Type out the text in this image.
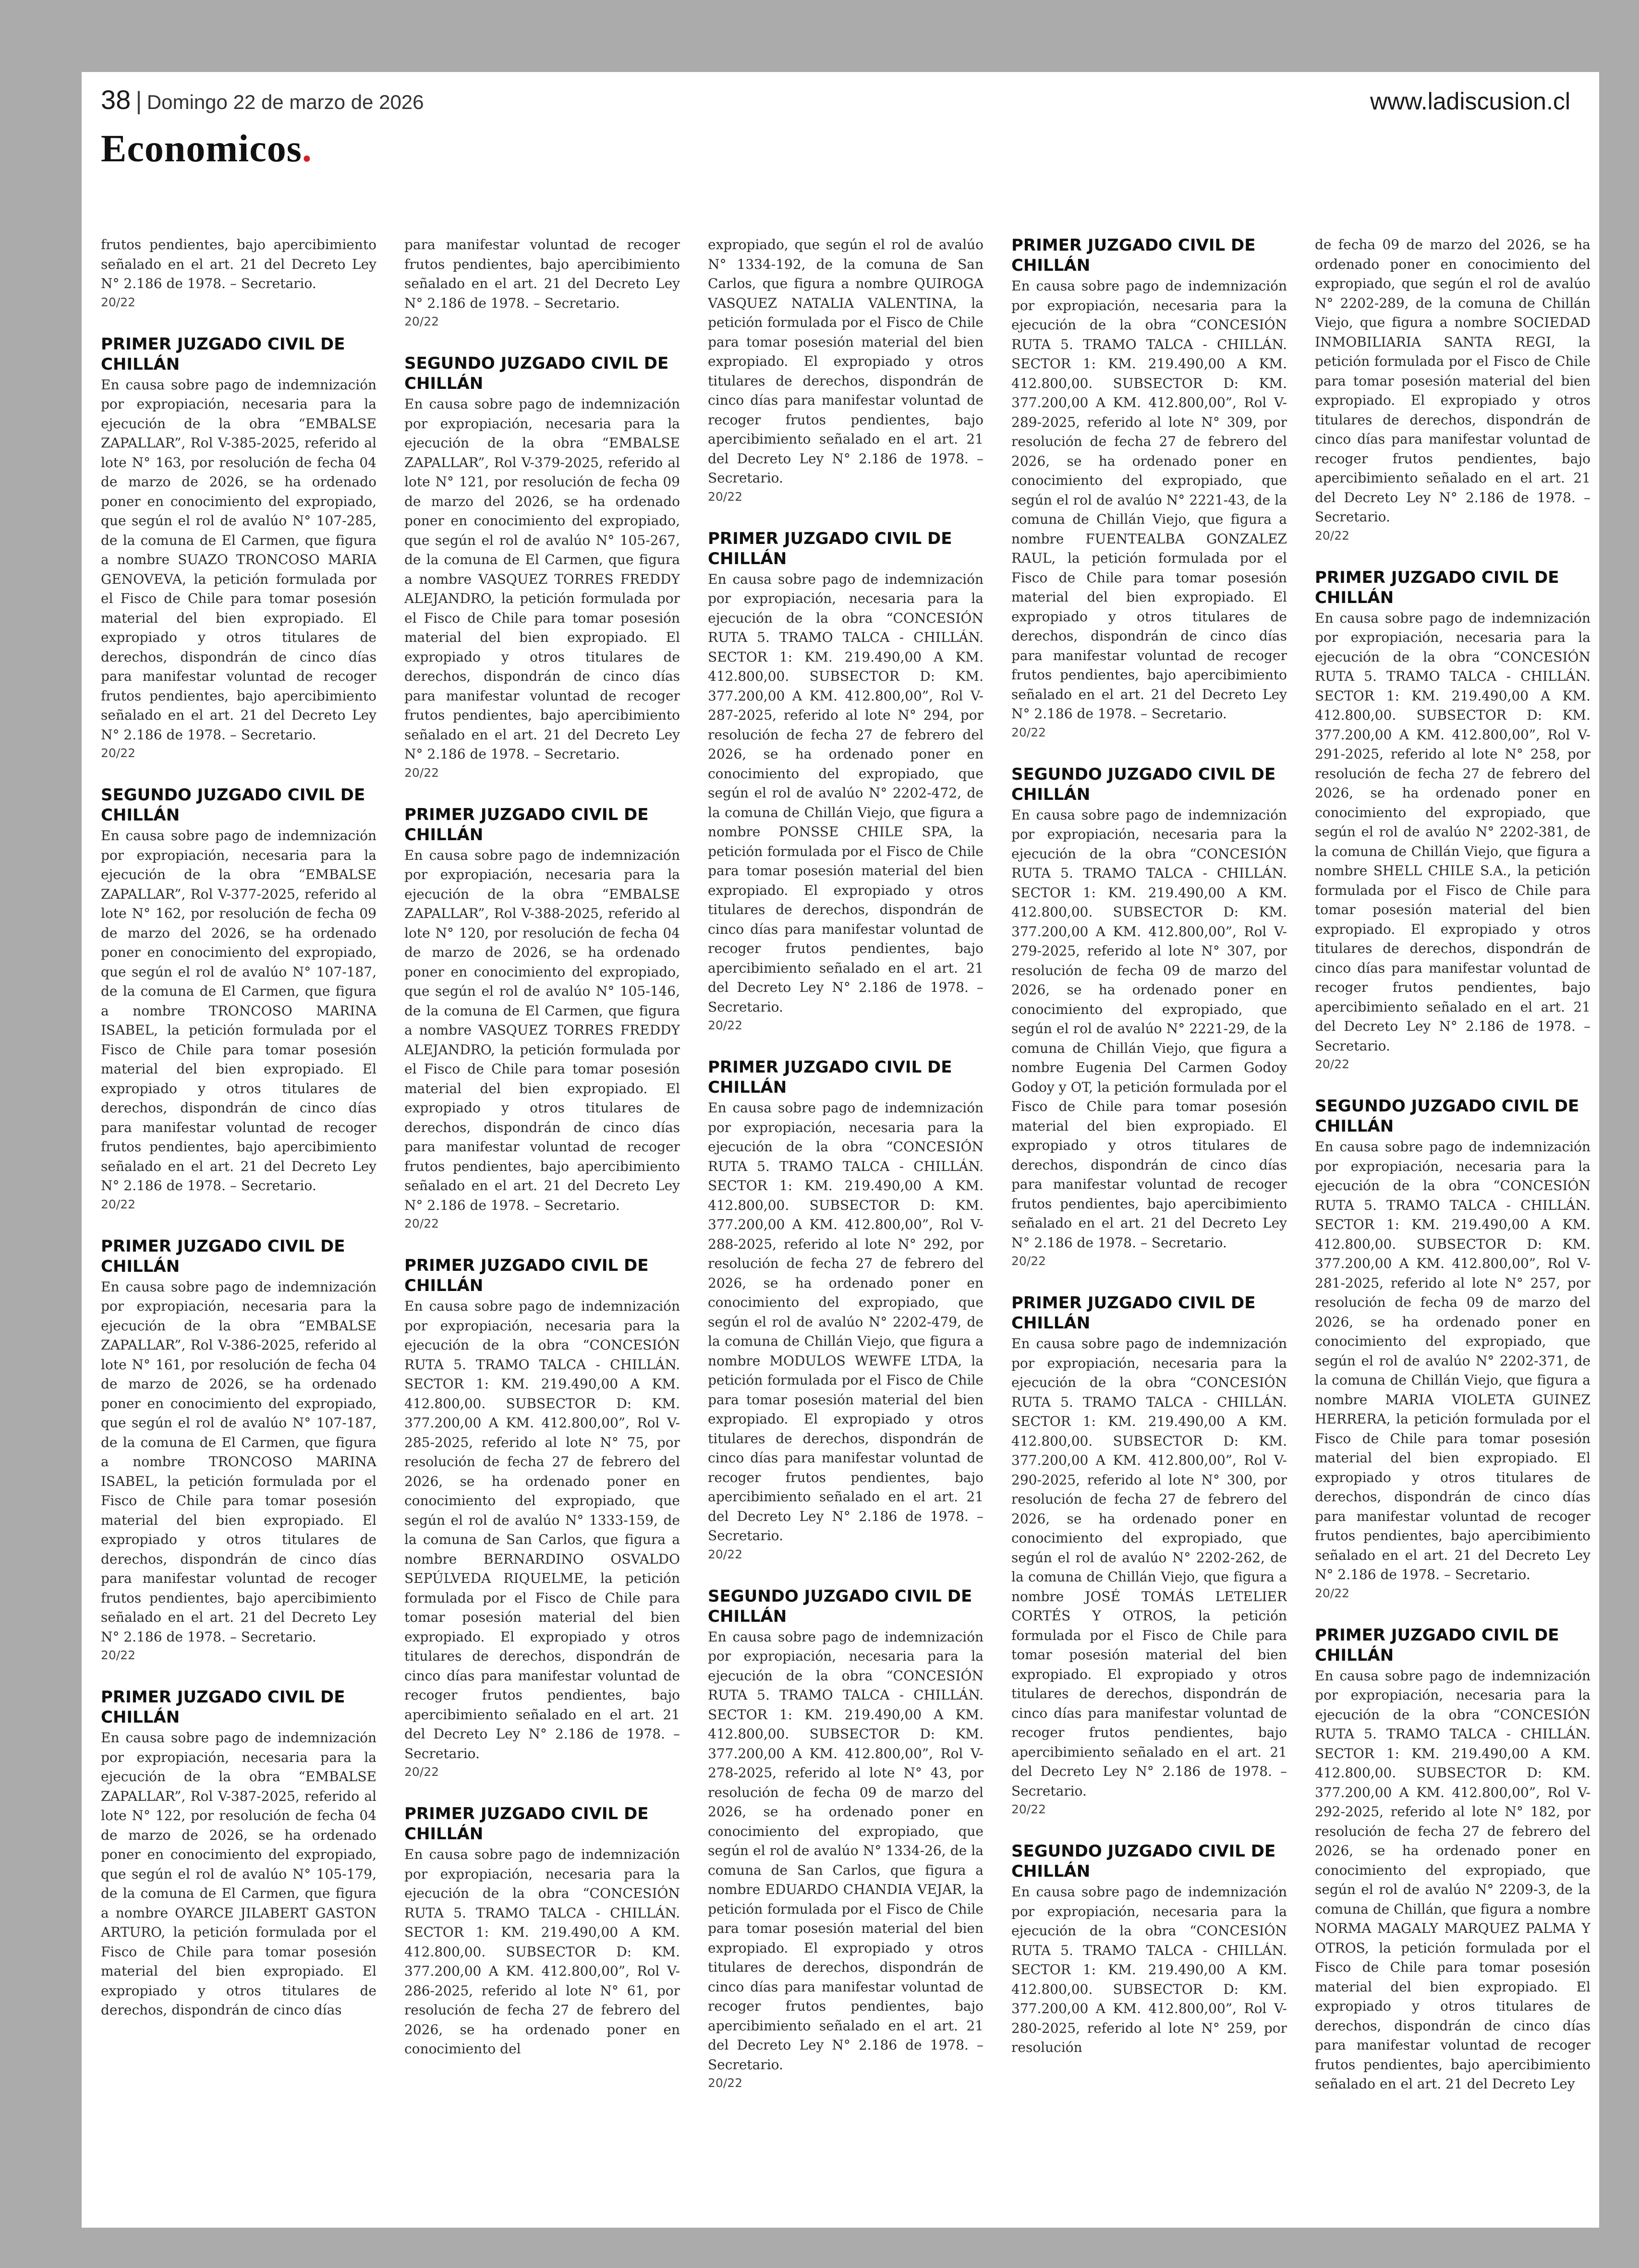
38 | Domingo 22 de marzo de 2026	www.ladiscusion.cl
Economicos.

frutos pendientes, bajo apercibimiento señalado en el art. 21 del Decreto Ley N° 2.186 de 1978. – Secretario.

20/22
PRIMER JUZGADO CIVIL DE CHILLÁN

En causa sobre pago de indemnización por expropiación, necesaria para la ejecución de la obra “EMBALSE ZAPALLAR”, Rol V-385-2025, referido al lote N° 163, por resolución de fecha 04 de marzo de 2026, se ha ordenado poner en conocimiento del expropiado, que según el rol de avalúo N° 107-285, de la comuna de El Carmen, que figura a nombre SUAZO TRONCOSO MARIA GENOVEVA, la petición formulada por el Fisco de Chile para tomar posesión material del bien expropiado. El expropiado y otros titulares de derechos, dispondrán de cinco días para manifestar voluntad de recoger frutos pendientes, bajo apercibimiento señalado en el art. 21 del Decreto Ley N° 2.186 de 1978. – Secretario.

20/22
SEGUNDO JUZGADO CIVIL DE CHILLÁN

En causa sobre pago de indemnización por expropiación, necesaria para la ejecución de la obra “EMBALSE ZAPALLAR”, Rol V-377-2025, referido al lote N° 162, por resolución de fecha 09 de marzo del 2026, se ha ordenado poner en conocimiento del expropiado, que según el rol de avalúo N° 107-187, de la comuna de El Carmen, que figura a nombre TRONCOSO MARINA ISABEL, la petición formulada por el Fisco de Chile para tomar posesión material del bien expropiado. El expropiado y otros titulares de derechos, dispondrán de cinco días para manifestar voluntad de recoger frutos pendientes, bajo apercibimiento señalado en el art. 21 del Decreto Ley N° 2.186 de 1978. – Secretario.

20/22
PRIMER JUZGADO CIVIL DE CHILLÁN

En causa sobre pago de indemnización por expropiación, necesaria para la ejecución de la obra “EMBALSE ZAPALLAR”, Rol V-386-2025, referido al lote N° 161, por resolución de fecha 04 de marzo de 2026, se ha ordenado poner en conocimiento del expropiado, que según el rol de avalúo N° 107-187, de la comuna de El Carmen, que figura a nombre TRONCOSO MARINA ISABEL, la petición formulada por el Fisco de Chile para tomar posesión material del bien expropiado. El expropiado y otros titulares de derechos, dispondrán de cinco días para manifestar voluntad de recoger frutos pendientes, bajo apercibimiento señalado en el art. 21 del Decreto Ley N° 2.186 de 1978. – Secretario.

20/22
PRIMER JUZGADO CIVIL DE CHILLÁN

En causa sobre pago de indemnización por expropiación, necesaria para la ejecución de la obra “EMBALSE ZAPALLAR”, Rol V-387-2025, referido al lote N° 122, por resolución de fecha 04 de marzo de 2026, se ha ordenado poner en conocimiento del expropiado, que según el rol de avalúo N° 105-179, de la comuna de El Carmen, que figura a nombre OYARCE JILABERT GASTON ARTURO, la petición formulada por el Fisco de Chile para tomar posesión material del bien expropiado. El expropiado y otros titulares de derechos, dispondrán de cinco días

para manifestar voluntad de recoger frutos pendientes, bajo apercibimiento señalado en el art. 21 del Decreto Ley N° 2.186 de 1978. – Secretario.

20/22
SEGUNDO JUZGADO CIVIL DE CHILLÁN

En causa sobre pago de indemnización por expropiación, necesaria para la ejecución de la obra “EMBALSE ZAPALLAR”, Rol V-379-2025, referido al lote N° 121, por resolución de fecha 09 de marzo del 2026, se ha ordenado poner en conocimiento del expropiado, que según el rol de avalúo N° 105-267, de la comuna de El Carmen, que figura a nombre VASQUEZ TORRES FREDDY ALEJANDRO, la petición formulada por el Fisco de Chile para tomar posesión material del bien expropiado. El expropiado y otros titulares de derechos, dispondrán de cinco días para manifestar voluntad de recoger frutos pendientes, bajo apercibimiento señalado en el art. 21 del Decreto Ley N° 2.186 de 1978. – Secretario.

20/22
PRIMER JUZGADO CIVIL DE CHILLÁN

En causa sobre pago de indemnización por expropiación, necesaria para la ejecución de la obra “EMBALSE ZAPALLAR”, Rol V-388-2025, referido al lote N° 120, por resolución de fecha 04 de marzo de 2026, se ha ordenado poner en conocimiento del expropiado, que según el rol de avalúo N° 105-146, de la comuna de El Carmen, que figura a nombre VASQUEZ TORRES FREDDY ALEJANDRO, la petición formulada por el Fisco de Chile para tomar posesión material del bien expropiado. El expropiado y otros titulares de derechos, dispondrán de cinco días para manifestar voluntad de recoger frutos pendientes, bajo apercibimiento señalado en el art. 21 del Decreto Ley N° 2.186 de 1978. – Secretario.

20/22
PRIMER JUZGADO CIVIL DE CHILLÁN

En causa sobre pago de indemnización por expropiación, necesaria para la ejecución de la obra “CONCESIÓN RUTA 5. TRAMO TALCA - CHILLÁN. SECTOR 1: KM. 219.490,00 A KM. 412.800,00. SUBSECTOR D: KM. 377.200,00 A KM. 412.800,00”, Rol V-285-2025, referido al lote N° 75, por resolución de fecha 27 de febrero del 2026, se ha ordenado poner en conocimiento del expropiado, que según el rol de avalúo N° 1333-159, de la comuna de San Carlos, que figura a nombre BERNARDINO OSVALDO SEPÚLVEDA RIQUELME, la petición formulada por el Fisco de Chile para tomar posesión material del bien expropiado. El expropiado y otros titulares de derechos, dispondrán de cinco días para manifestar voluntad de recoger frutos pendientes, bajo apercibimiento señalado en el art. 21 del Decreto Ley N° 2.186 de 1978. – Secretario.

20/22
PRIMER JUZGADO CIVIL DE CHILLÁN

En causa sobre pago de indemnización por expropiación, necesaria para la ejecución de la obra “CONCESIÓN RUTA 5. TRAMO TALCA - CHILLÁN. SECTOR 1: KM. 219.490,00 A KM. 412.800,00. SUBSECTOR D: KM. 377.200,00 A KM. 412.800,00”, Rol V-286-2025, referido al lote N° 61, por resolución de fecha 27 de febrero del 2026, se ha ordenado poner en conocimiento del

expropiado, que según el rol de avalúo N° 1334-192, de la comuna de San Carlos, que figura a nombre QUIROGA VASQUEZ NATALIA VALENTINA, la petición formulada por el Fisco de Chile para tomar posesión material del bien expropiado. El expropiado y otros titulares de derechos, dispondrán de cinco días para manifestar voluntad de recoger frutos pendientes, bajo apercibimiento señalado en el art. 21 del Decreto Ley N° 2.186 de 1978. – Secretario.

20/22
PRIMER JUZGADO CIVIL DE CHILLÁN

En causa sobre pago de indemnización por expropiación, necesaria para la ejecución de la obra “CONCESIÓN RUTA 5. TRAMO TALCA - CHILLÁN. SECTOR 1: KM. 219.490,00 A KM. 412.800,00. SUBSECTOR D: KM. 377.200,00 A KM. 412.800,00”, Rol V-287-2025, referido al lote N° 294, por resolución de fecha 27 de febrero del 2026, se ha ordenado poner en conocimiento del expropiado, que según el rol de avalúo N° 2202-472, de la comuna de Chillán Viejo, que figura a nombre PONSSE CHILE SPA, la petición formulada por el Fisco de Chile para tomar posesión material del bien expropiado. El expropiado y otros titulares de derechos, dispondrán de cinco días para manifestar voluntad de recoger frutos pendientes, bajo apercibimiento señalado en el art. 21 del Decreto Ley N° 2.186 de 1978. – Secretario.

20/22
PRIMER JUZGADO CIVIL DE CHILLÁN

En causa sobre pago de indemnización por expropiación, necesaria para la ejecución de la obra “CONCESIÓN RUTA 5. TRAMO TALCA - CHILLÁN. SECTOR 1: KM. 219.490,00 A KM. 412.800,00. SUBSECTOR D: KM. 377.200,00 A KM. 412.800,00”, Rol V-288-2025, referido al lote N° 292, por resolución de fecha 27 de febrero del 2026, se ha ordenado poner en conocimiento del expropiado, que según el rol de avalúo N° 2202-479, de la comuna de Chillán Viejo, que figura a nombre MODULOS WEWFE LTDA, la petición formulada por el Fisco de Chile para tomar posesión material del bien expropiado. El expropiado y otros titulares de derechos, dispondrán de cinco días para manifestar voluntad de recoger frutos pendientes, bajo apercibimiento señalado en el art. 21 del Decreto Ley N° 2.186 de 1978. – Secretario.

20/22
SEGUNDO JUZGADO CIVIL DE CHILLÁN

En causa sobre pago de indemnización por expropiación, necesaria para la ejecución de la obra “CONCESIÓN RUTA 5. TRAMO TALCA - CHILLÁN. SECTOR 1: KM. 219.490,00 A KM. 412.800,00. SUBSECTOR D: KM. 377.200,00 A KM. 412.800,00”, Rol V-278-2025, referido al lote N° 43, por resolución de fecha 09 de marzo del 2026, se ha ordenado poner en conocimiento del expropiado, que según el rol de avalúo N° 1334-26, de la comuna de San Carlos, que figura a nombre EDUARDO CHANDIA VEJAR, la petición formulada por el Fisco de Chile para tomar posesión material del bien expropiado. El expropiado y otros titulares de derechos, dispondrán de cinco días para manifestar voluntad de recoger frutos pendientes, bajo apercibimiento señalado en el art. 21 del Decreto Ley N° 2.186 de 1978. – Secretario.

20/22
PRIMER JUZGADO CIVIL DE CHILLÁN

En causa sobre pago de indemnización por expropiación, necesaria para la ejecución de la obra “CONCESIÓN RUTA 5. TRAMO TALCA - CHILLÁN. SECTOR 1: KM. 219.490,00 A KM. 412.800,00. SUBSECTOR D: KM. 377.200,00 A KM. 412.800,00”, Rol V-289-2025, referido al lote N° 309, por resolución de fecha 27 de febrero del 2026, se ha ordenado poner en conocimiento del expropiado, que según el rol de avalúo N° 2221-43, de la comuna de Chillán Viejo, que figura a nombre FUENTEALBA GONZALEZ RAUL, la petición formulada por el Fisco de Chile para tomar posesión material del bien expropiado. El expropiado y otros titulares de derechos, dispondrán de cinco días para manifestar voluntad de recoger frutos pendientes, bajo apercibimiento señalado en el art. 21 del Decreto Ley N° 2.186 de 1978. – Secretario.

20/22
SEGUNDO JUZGADO CIVIL DE CHILLÁN

En causa sobre pago de indemnización por expropiación, necesaria para la ejecución de la obra “CONCESIÓN RUTA 5. TRAMO TALCA - CHILLÁN. SECTOR 1: KM. 219.490,00 A KM. 412.800,00. SUBSECTOR D: KM. 377.200,00 A KM. 412.800,00”, Rol V-279-2025, referido al lote N° 307, por resolución de fecha 09 de marzo del 2026, se ha ordenado poner en conocimiento del expropiado, que según el rol de avalúo N° 2221-29, de la comuna de Chillán Viejo, que figura a nombre Eugenia Del Carmen Godoy Godoy y OT, la petición formulada por el Fisco de Chile para tomar posesión material del bien expropiado. El expropiado y otros titulares de derechos, dispondrán de cinco días para manifestar voluntad de recoger frutos pendientes, bajo apercibimiento señalado en el art. 21 del Decreto Ley N° 2.186 de 1978. – Secretario.

20/22
PRIMER JUZGADO CIVIL DE CHILLÁN

En causa sobre pago de indemnización por expropiación, necesaria para la ejecución de la obra “CONCESIÓN RUTA 5. TRAMO TALCA - CHILLÁN. SECTOR 1: KM. 219.490,00 A KM. 412.800,00. SUBSECTOR D: KM. 377.200,00 A KM. 412.800,00”, Rol V-290-2025, referido al lote N° 300, por resolución de fecha 27 de febrero del 2026, se ha ordenado poner en conocimiento del expropiado, que según el rol de avalúo N° 2202-262, de la comuna de Chillán Viejo, que figura a nombre JOSÉ TOMÁS LETELIER CORTÉS Y OTROS, la petición formulada por el Fisco de Chile para tomar posesión material del bien expropiado. El expropiado y otros titulares de derechos, dispondrán de cinco días para manifestar voluntad de recoger frutos pendientes, bajo apercibimiento señalado en el art. 21 del Decreto Ley N° 2.186 de 1978. – Secretario.

20/22
SEGUNDO JUZGADO CIVIL DE CHILLÁN

En causa sobre pago de indemnización por expropiación, necesaria para la ejecución de la obra “CONCESIÓN RUTA 5. TRAMO TALCA - CHILLÁN. SECTOR 1: KM. 219.490,00 A KM. 412.800,00. SUBSECTOR D: KM. 377.200,00 A KM. 412.800,00”, Rol V-280-2025, referido al lote N° 259, por resolución

de fecha 09 de marzo del 2026, se ha ordenado poner en conocimiento del expropiado, que según el rol de avalúo N° 2202-289, de la comuna de Chillán Viejo, que figura a nombre SOCIEDAD INMOBILIARIA SANTA REGI, la petición formulada por el Fisco de Chile para tomar posesión material del bien expropiado. El expropiado y otros titulares de derechos, dispondrán de cinco días para manifestar voluntad de recoger frutos pendientes, bajo apercibimiento señalado en el art. 21 del Decreto Ley N° 2.186 de 1978. – Secretario.

20/22
PRIMER JUZGADO CIVIL DE CHILLÁN

En causa sobre pago de indemnización por expropiación, necesaria para la ejecución de la obra “CONCESIÓN RUTA 5. TRAMO TALCA - CHILLÁN. SECTOR 1: KM. 219.490,00 A KM. 412.800,00. SUBSECTOR D: KM. 377.200,00 A KM. 412.800,00”, Rol V-291-2025, referido al lote N° 258, por resolución de fecha 27 de febrero del 2026, se ha ordenado poner en conocimiento del expropiado, que según el rol de avalúo N° 2202-381, de la comuna de Chillán Viejo, que figura a nombre SHELL CHILE S.A., la petición formulada por el Fisco de Chile para tomar posesión material del bien expropiado. El expropiado y otros titulares de derechos, dispondrán de cinco días para manifestar voluntad de recoger frutos pendientes, bajo apercibimiento señalado en el art. 21 del Decreto Ley N° 2.186 de 1978. – Secretario.

20/22
SEGUNDO JUZGADO CIVIL DE CHILLÁN

En causa sobre pago de indemnización por expropiación, necesaria para la ejecución de la obra “CONCESIÓN RUTA 5. TRAMO TALCA - CHILLÁN. SECTOR 1: KM. 219.490,00 A KM. 412.800,00. SUBSECTOR D: KM. 377.200,00 A KM. 412.800,00”, Rol V-281-2025, referido al lote N° 257, por resolución de fecha 09 de marzo del 2026, se ha ordenado poner en conocimiento del expropiado, que según el rol de avalúo N° 2202-371, de la comuna de Chillán Viejo, que figura a nombre MARIA VIOLETA GUINEZ HERRERA, la petición formulada por el Fisco de Chile para tomar posesión material del bien expropiado. El expropiado y otros titulares de derechos, dispondrán de cinco días para manifestar voluntad de recoger frutos pendientes, bajo apercibimiento señalado en el art. 21 del Decreto Ley N° 2.186 de 1978. – Secretario.

20/22
PRIMER JUZGADO CIVIL DE CHILLÁN

En causa sobre pago de indemnización por expropiación, necesaria para la ejecución de la obra “CONCESIÓN RUTA 5. TRAMO TALCA - CHILLÁN. SECTOR 1: KM. 219.490,00 A KM. 412.800,00. SUBSECTOR D: KM. 377.200,00 A KM. 412.800,00”, Rol V-292-2025, referido al lote N° 182, por resolución de fecha 27 de febrero del 2026, se ha ordenado poner en conocimiento del expropiado, que según el rol de avalúo N° 2209-3, de la comuna de Chillán, que figura a nombre NORMA MAGALY MARQUEZ PALMA Y OTROS, la petición formulada por el Fisco de Chile para tomar posesión material del bien expropiado. El expropiado y otros titulares de derechos, dispondrán de cinco días para manifestar voluntad de recoger frutos pendientes, bajo apercibimiento señalado en el art. 21 del Decreto Ley
